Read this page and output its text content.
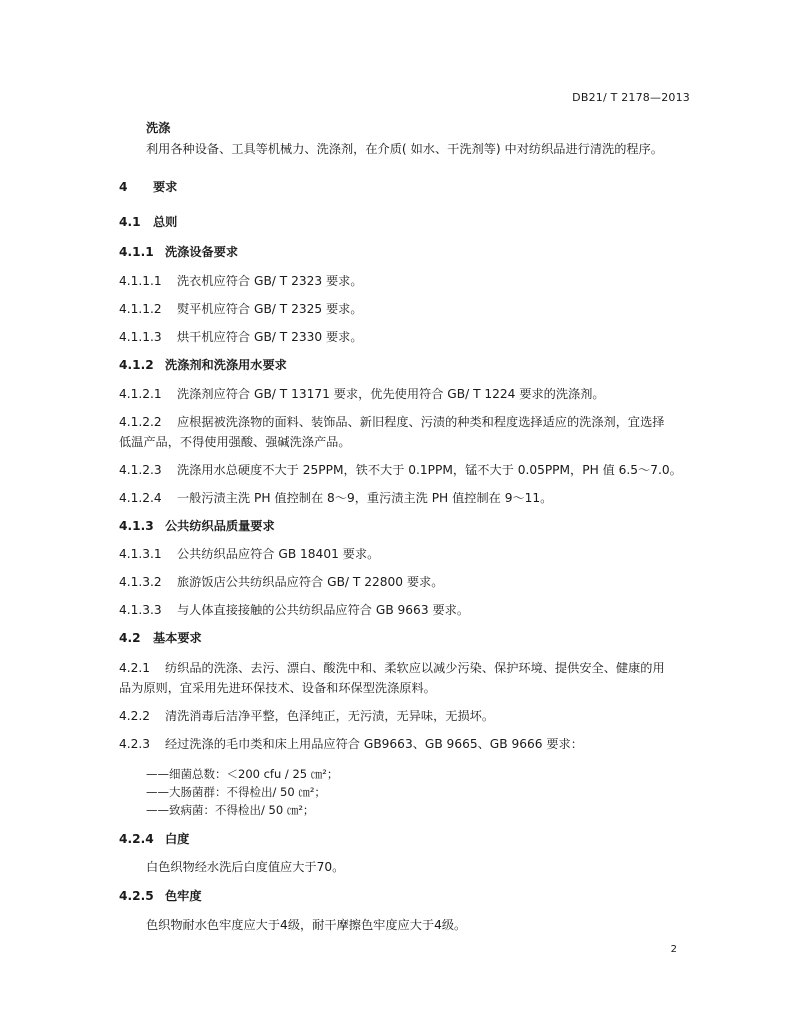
DB21/ T 2178—2013
洗涤
利用各种设备、工具等机械力、洗涤剂，在介质( 如水、干洗剂等) 中对纺织品进行清洗的程序。
4 要求
4.1 总则
4.1.1 洗涤设备要求
4.1.1.1 洗衣机应符合 GB/ T 2323 要求。
4.1.1.2 熨平机应符合 GB/ T 2325 要求。
4.1.1.3 烘干机应符合 GB/ T 2330 要求。
4.1.2 洗涤剂和洗涤用水要求
4.1.2.1 洗涤剂应符合 GB/ T 13171 要求，优先使用符合 GB/ T 1224 要求的洗涤剂。
4.1.2.2 应根据被洗涤物的面料、装饰品、新旧程度、污渍的种类和程度选择适应的洗涤剂，宜选择
低温产品，不得使用强酸、强碱洗涤产品。
4.1.2.3 洗涤用水总硬度不大于 25PPM，铁不大于 0.1PPM，锰不大于 0.05PPM，PH 值 6.5～7.0。
4.1.2.4 一般污渍主洗 PH 值控制在 8～9，重污渍主洗 PH 值控制在 9～11。
4.1.3 公共纺织品质量要求
4.1.3.1 公共纺织品应符合 GB 18401 要求。
4.1.3.2 旅游饭店公共纺织品应符合 GB/ T 22800 要求。
4.1.3.3 与人体直接接触的公共纺织品应符合 GB 9663 要求。
4.2 基本要求
4.2.1 纺织品的洗涤、去污、漂白、酸洗中和、柔软应以减少污染、保护环境、提供安全、健康的用
品为原则，宜采用先进环保技术、设备和环保型洗涤原料。
4.2.2 清洗消毒后洁净平整，色泽纯正，无污渍，无异味，无损坏。
4.2.3 经过洗涤的毛巾类和床上用品应符合 GB9663、GB 9665、GB 9666 要求：
——细菌总数：＜200 cfu / 25 ㎝²；
——大肠菌群：不得检出/ 50 ㎝²；
——致病菌：不得检出/ 50 ㎝²；
4.2.4 白度
白色织物经水洗后白度值应大于70。
4.2.5 色牢度
色织物耐水色牢度应大于4级，耐干摩擦色牢度应大于4级。
2
